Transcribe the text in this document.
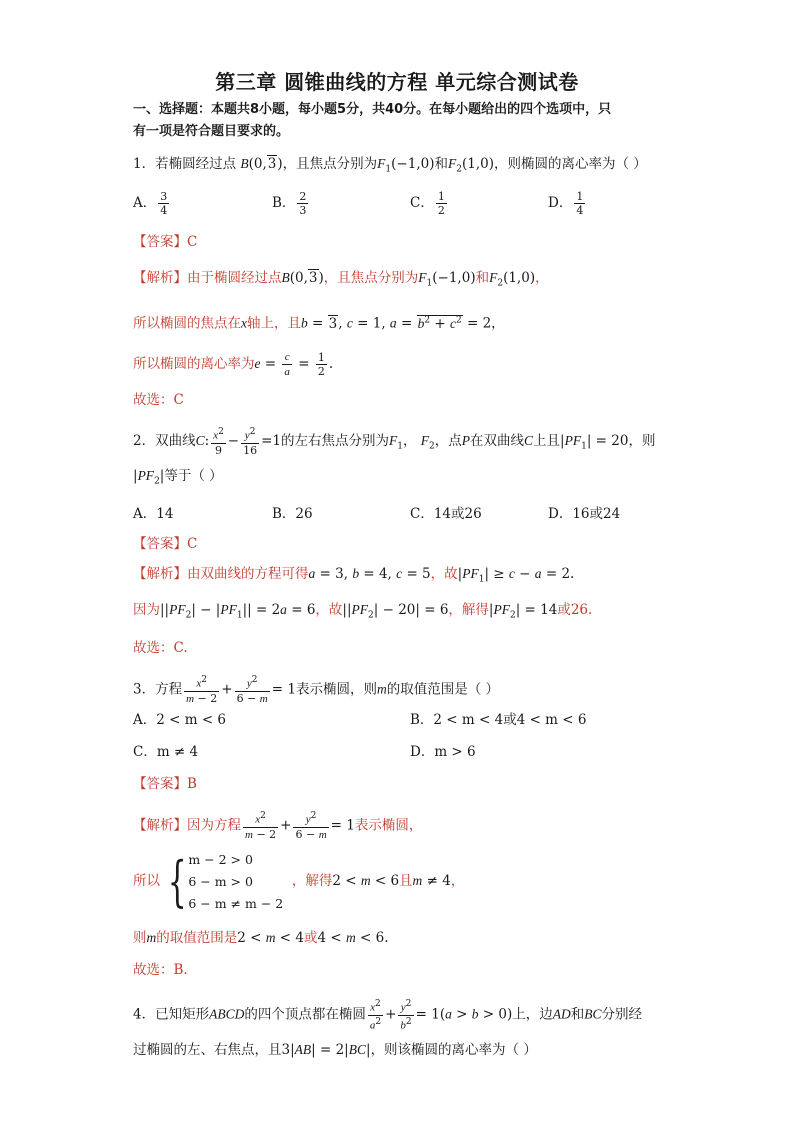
第三章 圆锥曲线的方程 单元综合测试卷
一、选择题：本题共8小题，每小题5分，共40分。在每小题给出的四个选项中，只
有一项是符合题目要求的。
1．若椭圆经过点 B(0,3)，且焦点分别为$F_1(-1,0)$和$F_2(1,0)$，则椭圆的离心率为（ ）
A． $\frac{3}{4}$	B． $\frac{2}{3}$	C． $\frac{1}{2}$	D． $\frac{1}{4}$
【答案】C
【解析】由于椭圆经过点B(0,3)，且焦点分别为$F_1(-1,0)$和$F_2(1,0)$，
所以椭圆的焦点在x轴上，且b = 3, c = 1, $a = b^2 + c^2 = 2$，
所以椭圆的离心率为$e = \frac{c}{a} = \frac{1}{2}$ .
故选：C
2．双曲线C: $\frac{x^2}{9} - \frac{y^2}{16} =1$的左右焦点分别为$F_1$， $F_2$，点P在双曲线C上且$|PF_1| = 20$，则
$|PF_2|$等于（ ）
A．14	B．26	C．14或26	D．16或24
【答案】C
【解析】由双曲线的方程可得a = 3, b = 4, c = 5，故$|PF_1| \ge c - a = 2$.
因为$||PF_2| - |PF_1|| = 2a = 6$，故$||PF_2| - 20| = 6$，解得$|PF_2| = 14$或26.
故选：C.
3．方程 $\frac{x^2}{m - 2} + \frac{y^2}{6 - m} = 1$表示椭圆，则m的取值范围是（ ）
A．2 < m < 6	B．2 < m < 4或4 < m < 6
C．m ≠ 4	D．m > 6
【答案】B
【解析】因为方程 $\frac{x^2}{m - 2} + \frac{y^2}{6 - m} = 1$表示椭圆，
所以 { m − 2 > 0
6 − m > 0
6 − m ≠ m − 2
，解得2 < m < 6且m ≠ 4，
则m的取值范围是2 < m < 4或4 < m < 6.
故选：B.
4．已知矩形ABCD的四个顶点都在椭圆 $\frac{x^2}{a^2} + \frac{y^2}{b^2} = 1(a > b > 0)$上，边AD和BC分别经
过椭圆的左、右焦点，且3|AB| = 2|BC|，则该椭圆的离心率为（ ）
